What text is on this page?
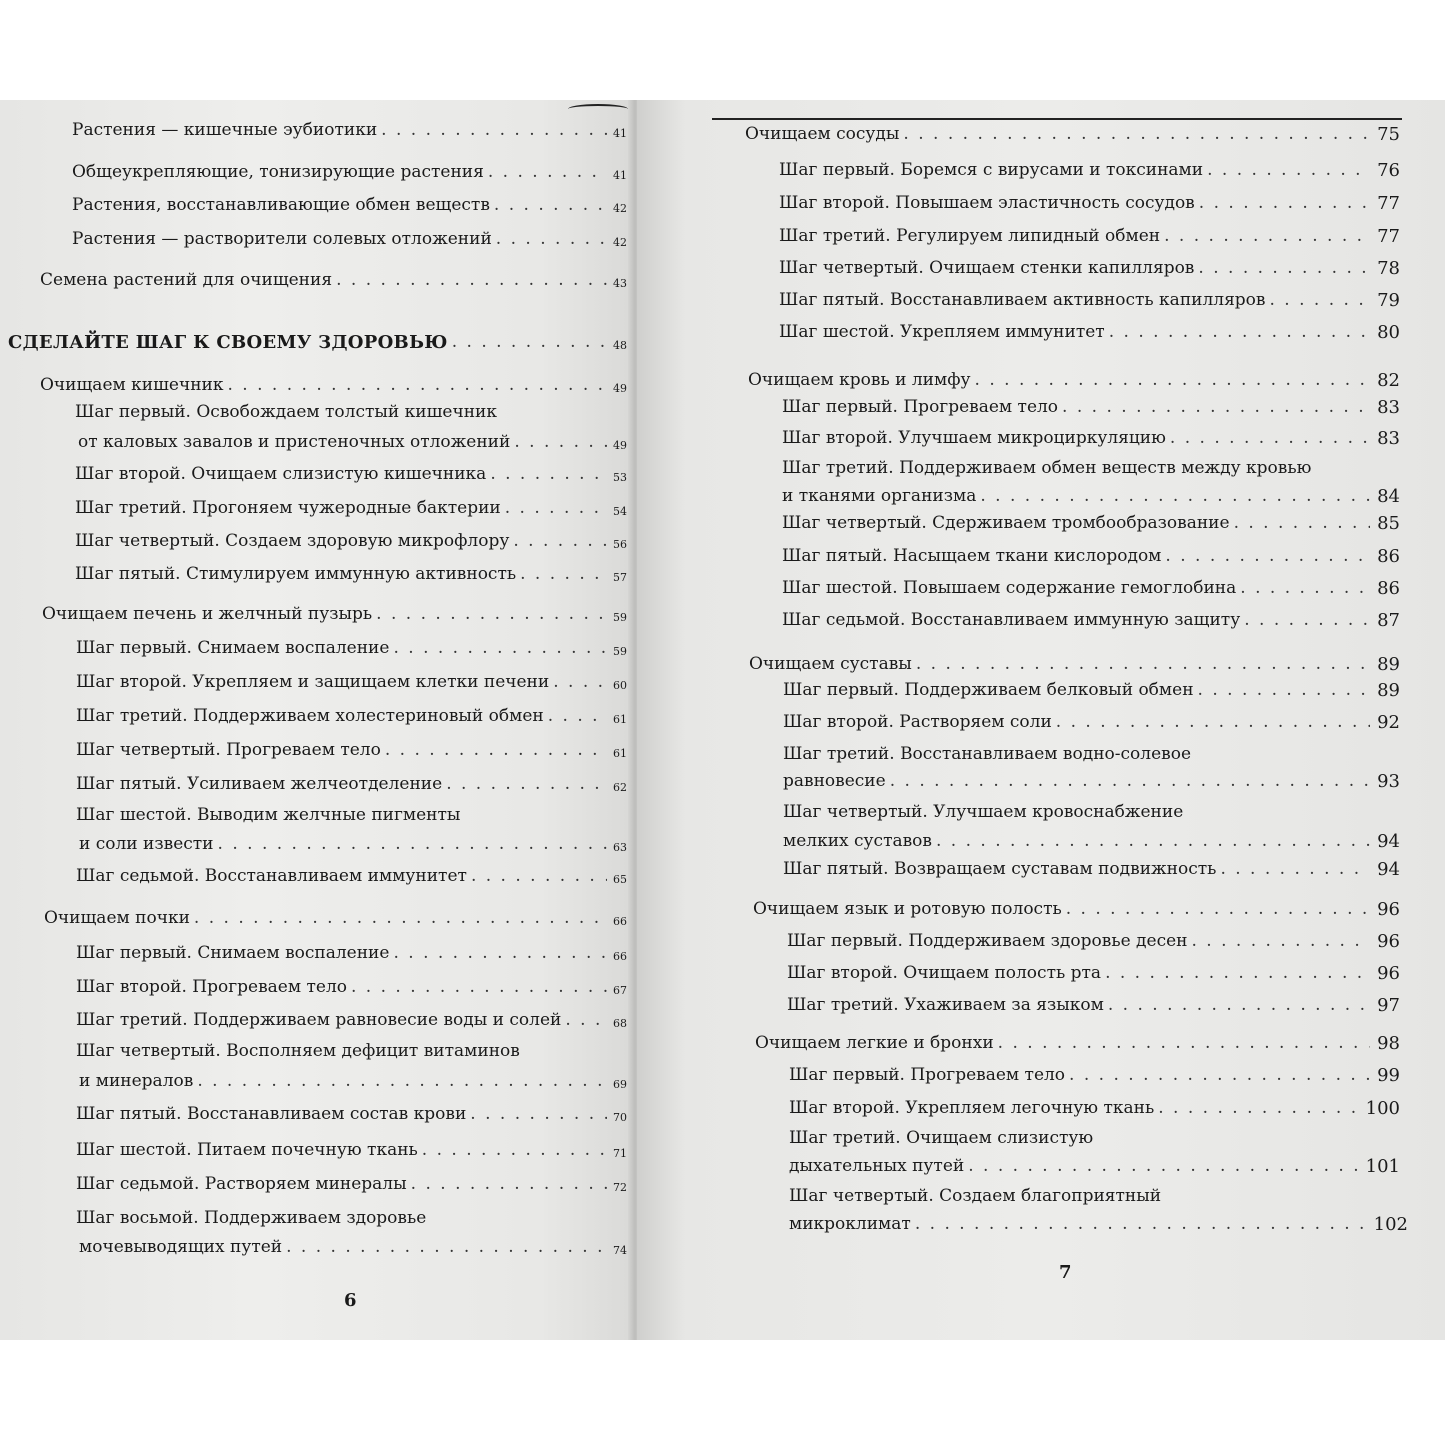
Растения — кишечные эубиотики . . .	41
Общеукрепляющие, тонизирующие растения . . .	41
Растения, восстанавливающие обмен веществ . . .	42
Растения — растворители солевых отложений . . .	42
Семена растений для очищения . . .	43
СДЕЛАЙТЕ ШАГ К СВОЕМУ ЗДОРОВЬЮ . . .	48
Очищаем кишечник . . .	49
Шаг первый. Освобождаем толстый кишечник
от каловых завалов и пристеночных отложений . . .	49
Шаг второй. Очищаем слизистую кишечника . . .	53
Шаг третий. Прогоняем чужеродные бактерии . . .	54
Шаг четвертый. Создаем здоровую микрофлору . . .	56
Шаг пятый. Стимулируем иммунную активность . . .	57
Очищаем печень и желчный пузырь . . .	59
Шаг первый. Снимаем воспаление . . .	59
Шаг второй. Укрепляем и защищаем клетки печени . . .	60
Шаг третий. Поддерживаем холестериновый обмен . . .	61
Шаг четвертый. Прогреваем тело . . .	61
Шаг пятый. Усиливаем желчеотделение . . .	62
Шаг шестой. Выводим желчные пигменты
и соли извести . . .	63
Шаг седьмой. Восстанавливаем иммунитет . . .	65
Очищаем почки . . .	66
Шаг первый. Снимаем воспаление . . .	66
Шаг второй. Прогреваем тело . . .	67
Шаг третий. Поддерживаем равновесие воды и солей . . .	68
Шаг четвертый. Восполняем дефицит витаминов
и минералов . . .	69
Шаг пятый. Восстанавливаем состав крови . . .	70
Шаг шестой. Питаем почечную ткань . . .	71
Шаг седьмой. Растворяем минералы . . .	72
Шаг восьмой. Поддерживаем здоровье
мочевыводящих путей . . .	74
6
Очищаем сосуды . . .	75
Шаг первый. Боремся с вирусами и токсинами . . .	76
Шаг второй. Повышаем эластичность сосудов . . .	77
Шаг третий. Регулируем липидный обмен . . .	77
Шаг четвертый. Очищаем стенки капилляров . . .	78
Шаг пятый. Восстанавливаем активность капилляров . . .	79
Шаг шестой. Укрепляем иммунитет . . .	80
Очищаем кровь и лимфу . . .	82
Шаг первый. Прогреваем тело . . .	83
Шаг второй. Улучшаем микроциркуляцию . . .	83
Шаг третий. Поддерживаем обмен веществ между кровью
и тканями организма . . .	84
Шаг четвертый. Сдерживаем тромбообразование . . .	85
Шаг пятый. Насыщаем ткани кислородом . . .	86
Шаг шестой. Повышаем содержание гемоглобина . . .	86
Шаг седьмой. Восстанавливаем иммунную защиту . . .	87
Очищаем суставы . . .	89
Шаг первый. Поддерживаем белковый обмен . . .	89
Шаг второй. Растворяем соли . . .	92
Шаг третий. Восстанавливаем водно-солевое
равновесие . . .	93
Шаг четвертый. Улучшаем кровоснабжение
мелких суставов . . .	94
Шаг пятый. Возвращаем суставам подвижность . . .	94
Очищаем язык и ротовую полость . . .	96
Шаг первый. Поддерживаем здоровье десен . . .	96
Шаг второй. Очищаем полость рта . . .	96
Шаг третий. Ухаживаем за языком . . .	97
Очищаем легкие и бронхи . . .	98
Шаг первый. Прогреваем тело . . .	99
Шаг второй. Укрепляем легочную ткань . . .	100
Шаг третий. Очищаем слизистую
дыхательных путей . . .	101
Шаг четвертый. Создаем благоприятный
микроклимат . . .	102
7
